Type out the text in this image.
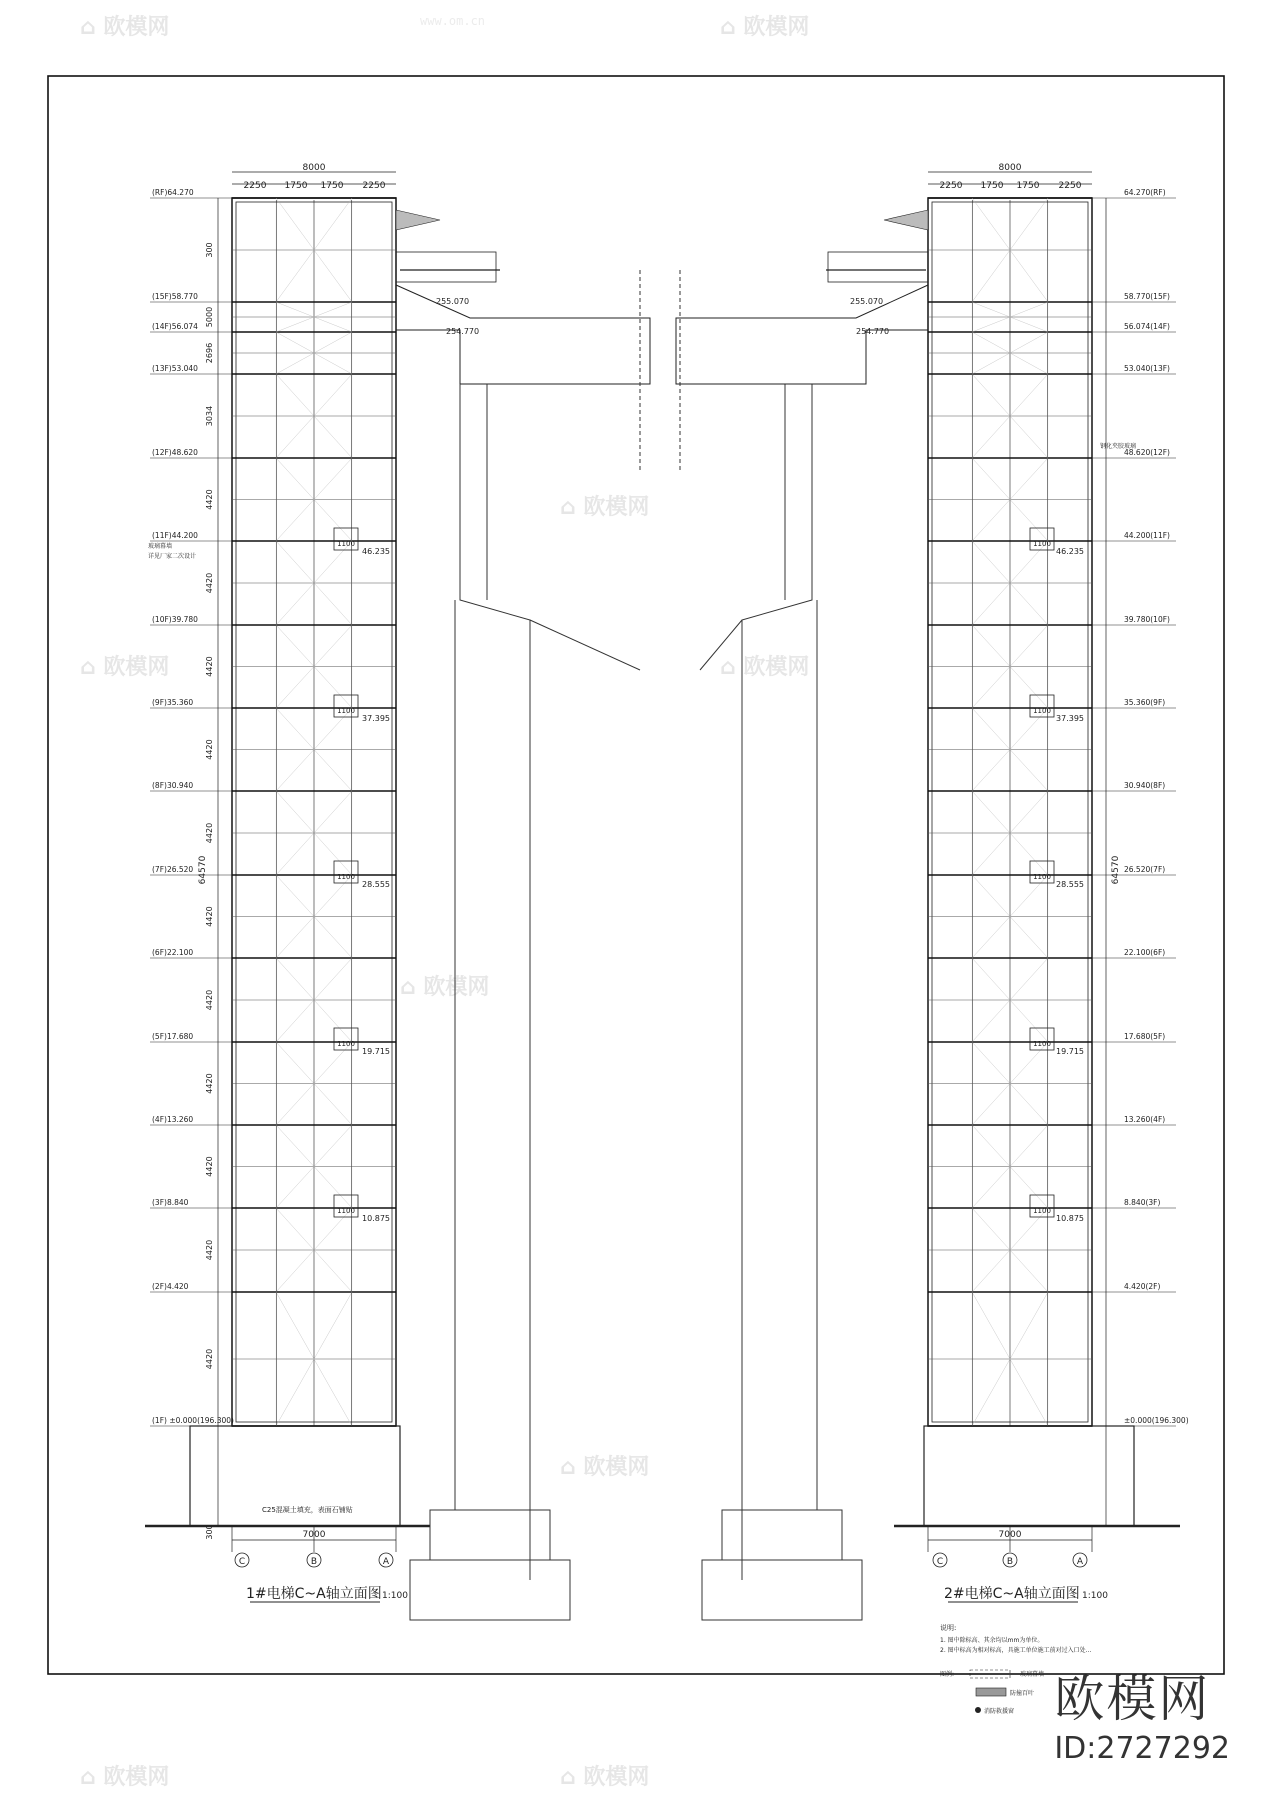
⌂ 欧模网	⌂ 欧模网
www.om.cn
⌂ 欧模网
⌂ 欧模网	⌂ 欧模网
⌂ 欧模网
⌂ 欧模网
⌂ 欧模网	⌂ 欧模网
8000	8000
2250 1750 1750 2250	2250 1750 1750 2250
7000	7000
64570	64570
玻璃幕墙
详见厂家二次设计
钢化夹胶玻璃
C25混凝土填充，表面石铺贴
255.070
254.770
255.070
254.770
1#电梯C~A轴立面图 1:100	2#电梯C~A轴立面图 1:100
说明:
1. 图中除标高、其余均以mm为单位。
2. 图中标高为相对标高，具施工单位施工前对过入口处...
图例:	玻璃幕墙
防撞百叶
消防救援窗
C	B	A	C	B	A
(RF)64.270
(15F)58.770
(14F)56.074
(13F)53.040
(12F)48.620
(11F)44.200
(10F)39.780
(9F)35.360
(8F)30.940
(7F)26.520
(6F)22.100
(5F)17.680
(4F)13.260
(3F)8.840
(2F)4.420
(1F) ±0.000(196.300)
64.270(RF)
58.770(15F)
56.074(14F)
53.040(13F)
48.620(12F)
44.200(11F)
39.780(10F)
35.360(9F)
30.940(8F)
26.520(7F)
22.100(6F)
17.680(5F)
13.260(4F)
8.840(3F)
4.420(2F)
±0.000(196.300)
300
5000
2696
3034
4420
4420
4420
4420
4420
4420
4420
4420
4420
4420
4420
300
1100
46.235
1100
37.395
1100
28.555
1100
19.715
1100
10.875
1100
46.235
1100
37.395
1100
28.555
1100
19.715
1100
10.875
欧模网
ID:2727292
